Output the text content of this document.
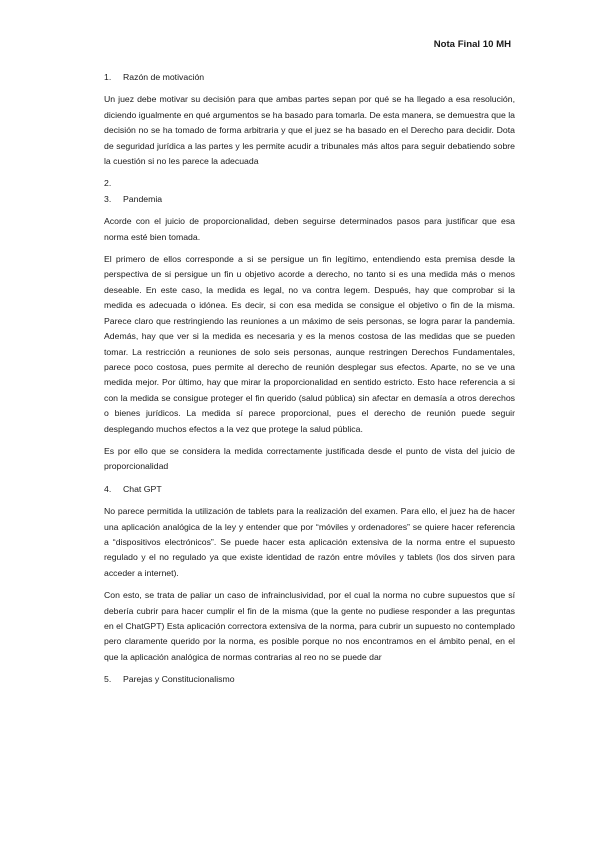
Nota Final 10 MH
1.	Razón de motivación

Un juez debe motivar su decisión para que ambas partes sepan por qué se ha llegado a esa resolución, diciendo igualmente en qué argumentos se ha basado para tomarla. De esta manera, se demuestra que la decisión no se ha tomado de forma arbitraria y que el juez se ha basado en el Derecho para decidir. Dota de seguridad jurídica a las partes y les permite acudir a tribunales más altos para seguir debatiendo sobre la cuestión si no les parece la adecuada

2.
3.	Pandemia

Acorde con el juicio de proporcionalidad, deben seguirse determinados pasos para justificar que esa norma esté bien tomada.

El primero de ellos corresponde a si se persigue un fin legítimo, entendiendo esta premisa desde la perspectiva de si persigue un fin u objetivo acorde a derecho, no tanto si es una medida más o menos deseable. En este caso, la medida es legal, no va contra legem. Después, hay que comprobar si la medida es adecuada o idónea. Es decir, si con esa medida se consigue el objetivo o fin de la misma. Parece claro que restringiendo las reuniones a un máximo de seis personas, se logra parar la pandemia. Además, hay que ver si la medida es necesaria y es la menos costosa de las medidas que se pueden tomar. La restricción a reuniones de solo seis personas, aunque restringen Derechos Fundamentales, parece poco costosa, pues permite al derecho de reunión desplegar sus efectos. Aparte, no se ve una medida mejor. Por último, hay que mirar la proporcionalidad en sentido estricto. Esto hace referencia a si con la medida se consigue proteger el fin querido (salud pública) sin afectar en demasía a otros derechos o bienes jurídicos. La medida sí parece proporcional, pues el derecho de reunión puede seguir desplegando muchos efectos a la vez que protege la salud pública.

Es por ello que se considera la medida correctamente justificada desde el punto de vista del juicio de proporcionalidad

4.	Chat GPT

No parece permitida la utilización de tablets para la realización del examen. Para ello, el juez ha de hacer una aplicación analógica de la ley y entender que por “móviles y ordenadores” se quiere hacer referencia a “dispositivos electrónicos”. Se puede hacer esta aplicación extensiva de la norma entre el supuesto regulado y el no regulado ya que existe identidad de razón entre móviles y tablets (los dos sirven para acceder a internet).

Con esto, se trata de paliar un caso de infrainclusividad, por el cual la norma no cubre supuestos que sí debería cubrir para hacer cumplir el fin de la misma (que la gente no pudiese responder a las preguntas en el ChatGPT) Esta aplicación correctora extensiva de la norma, para cubrir un supuesto no contemplado pero claramente querido por la norma, es posible porque no nos encontramos en el ámbito penal, en el que la aplicación analógica de normas contrarias al reo no se puede dar

5.	Parejas y Constitucionalismo
